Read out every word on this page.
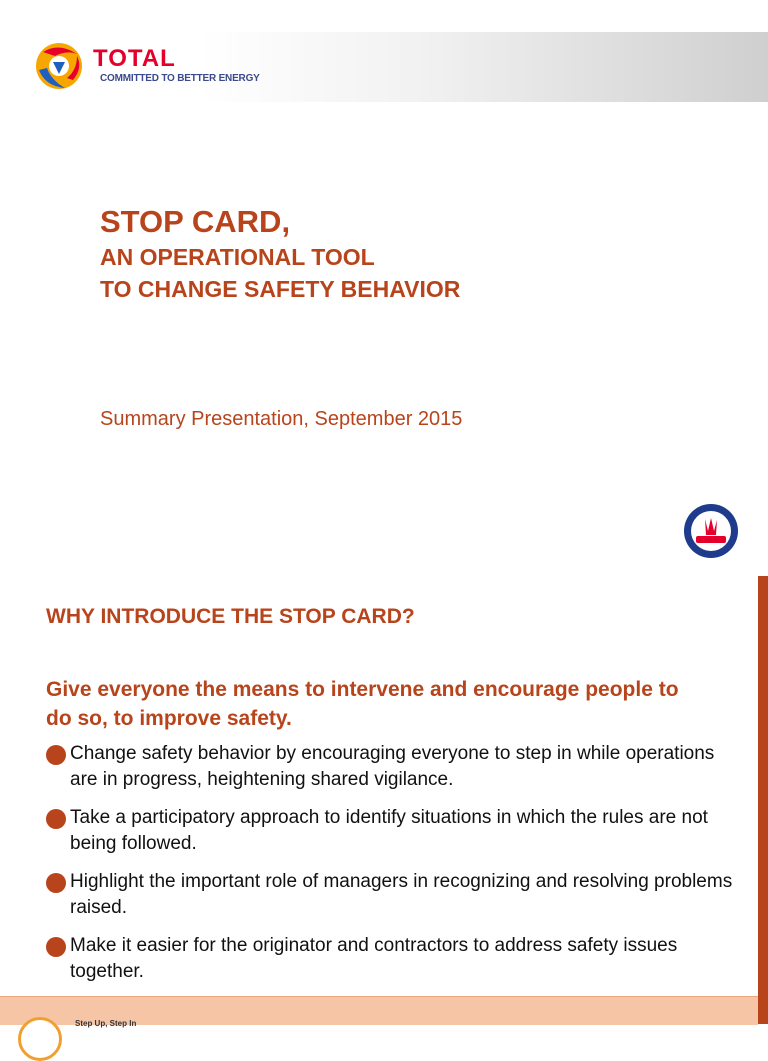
TOTAL
COMMITTED TO BETTER ENERGY
STOP CARD,
AN OPERATIONAL TOOL
TO CHANGE SAFETY BEHAVIOR
Summary Presentation, September 2015
WHY INTRODUCE THE STOP CARD?
Give everyone the means to intervene and encourage people to do so, to improve safety.
Change safety behavior by encouraging everyone to step in while operations are in progress, heightening shared vigilance.
Take a participatory approach to identify situations in which the rules are not being followed.
Highlight the important role of managers in recognizing and resolving problems raised.
Make it easier for the originator and contractors to address safety issues together.
Step Up, Step In
